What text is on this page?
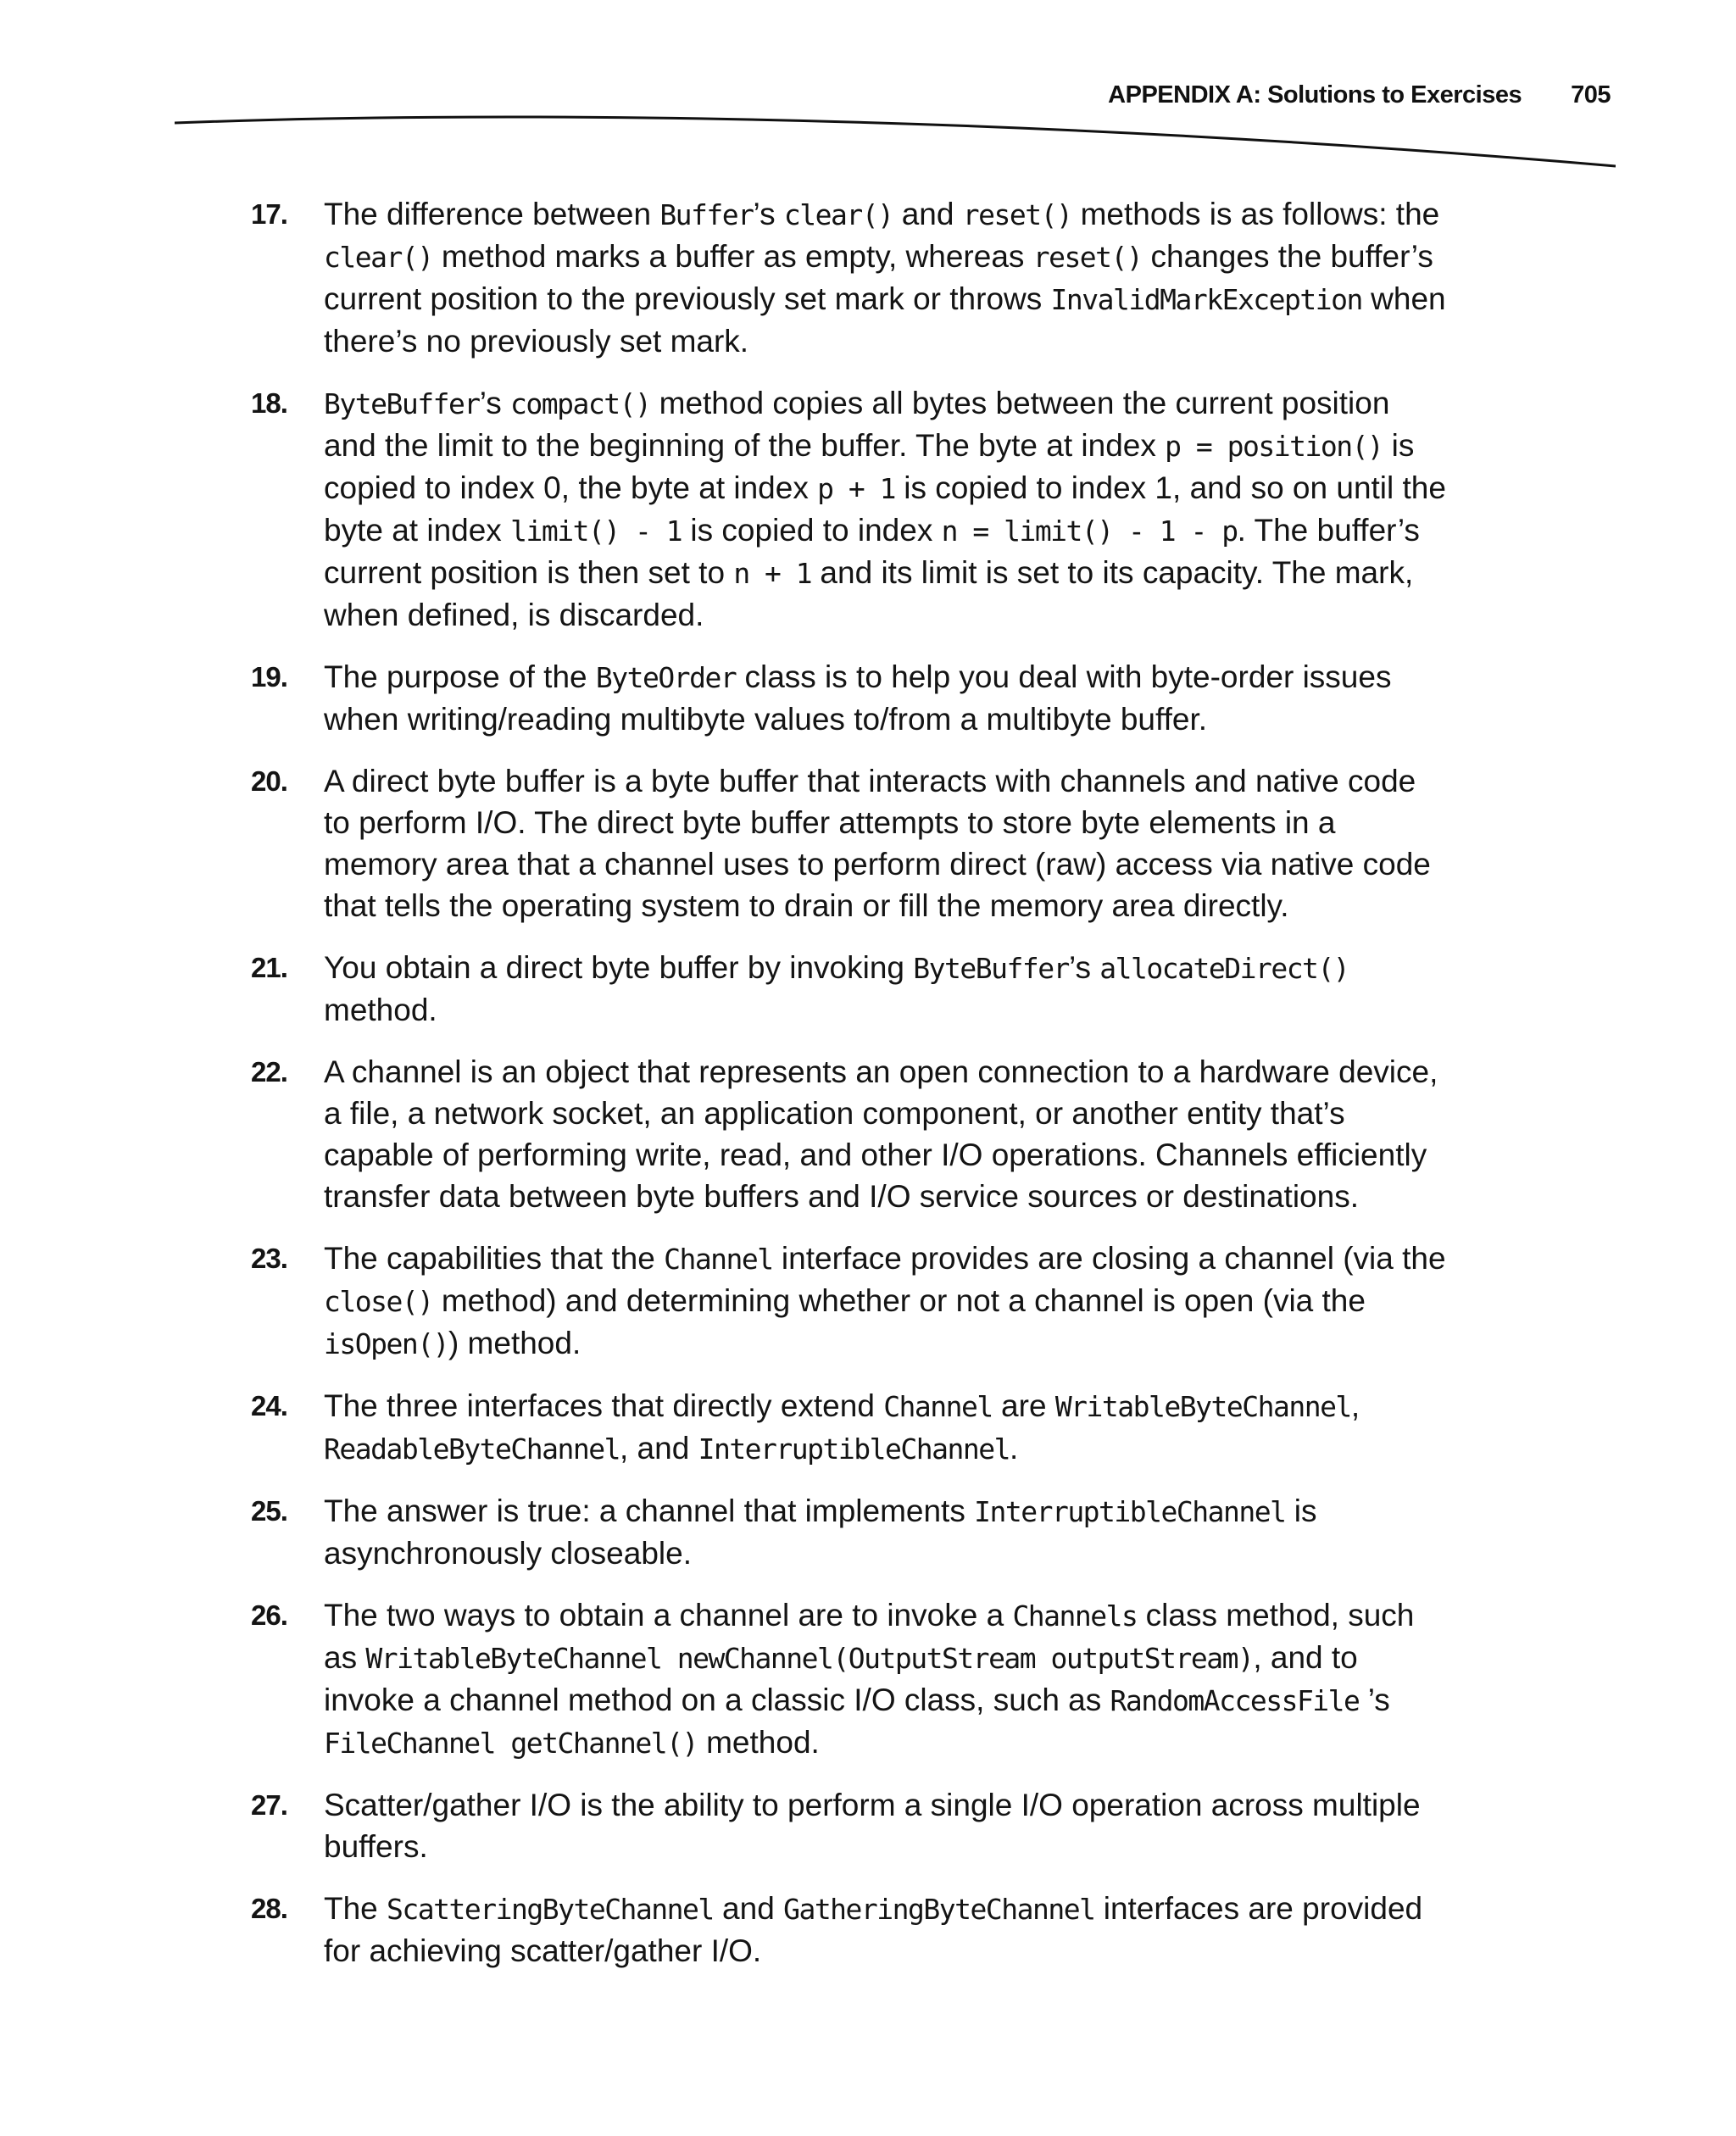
APPENDIX A: Solutions to Exercises 705
17. The difference between Buffer’s clear() and reset() methods is as follows: the clear() method marks a buffer as empty, whereas reset() changes the buffer’s current position to the previously set mark or throws InvalidMarkException when there’s no previously set mark.
18. ByteBuffer’s compact() method copies all bytes between the current position and the limit to the beginning of the buffer. The byte at index p = position() is copied to index 0, the byte at index p + 1 is copied to index 1, and so on until the byte at index limit() - 1 is copied to index n = limit() - 1 - p. The buffer’s current position is then set to n + 1 and its limit is set to its capacity. The mark, when defined, is discarded.
19. The purpose of the ByteOrder class is to help you deal with byte-order issues when writing/reading multibyte values to/from a multibyte buffer.
20. A direct byte buffer is a byte buffer that interacts with channels and native code to perform I/O. The direct byte buffer attempts to store byte elements in a memory area that a channel uses to perform direct (raw) access via native code that tells the operating system to drain or fill the memory area directly.
21. You obtain a direct byte buffer by invoking ByteBuffer’s allocateDirect() method.
22. A channel is an object that represents an open connection to a hardware device, a file, a network socket, an application component, or another entity that’s capable of performing write, read, and other I/O operations. Channels efficiently transfer data between byte buffers and I/O service sources or destinations.
23. The capabilities that the Channel interface provides are closing a channel (via the close() method) and determining whether or not a channel is open (via the isOpen()) method.
24. The three interfaces that directly extend Channel are WritableByteChannel, ReadableByteChannel, and InterruptibleChannel.
25. The answer is true: a channel that implements InterruptibleChannel is asynchronously closeable.
26. The two ways to obtain a channel are to invoke a Channels class method, such as WritableByteChannel newChannel(OutputStream outputStream), and to invoke a channel method on a classic I/O class, such as RandomAccessFile ’s FileChannel getChannel() method.
27. Scatter/gather I/O is the ability to perform a single I/O operation across multiple buffers.
28. The ScatteringByteChannel and GatheringByteChannel interfaces are provided for achieving scatter/gather I/O.
